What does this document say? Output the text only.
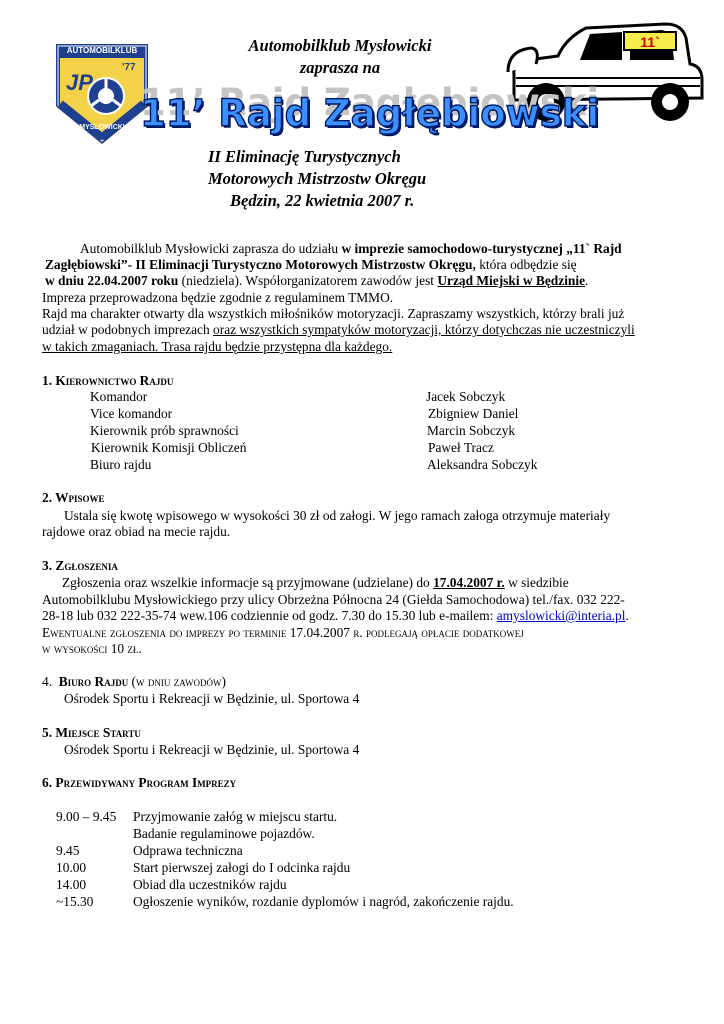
AUTOMOBILKLUB
JP
'77
MYSŁOWICKI
11`
Automobilklub Mysłowicki
zaprasza na
11’ Rajd Zagłębiowski
II Eliminację Turystycznych
Motorowych Mistrzostw Okręgu
Będzin, 22 kwietnia 2007 r.
Automobilklub Mysłowicki zaprasza do udziału w imprezie samochodowo-turystycznej „11` Rajd
Zagłębiowski”- II Eliminacji Turystyczno Motorowych Mistrzostw Okręgu, która odbędzie się
w dniu 22.04.2007 roku (niedziela). Współorganizatorem zawodów jest Urząd Miejski w Będzinie.
Impreza przeprowadzona będzie zgodnie z regulaminem TMMO.
Rajd ma charakter otwarty dla wszystkich miłośników motoryzacji. Zapraszamy wszystkich, którzy brali już
udział w podobnych imprezach oraz wszystkich sympatyków motoryzacji, którzy dotychczas nie uczestniczyli
w takich zmaganiach. Trasa rajdu będzie przystępna dla każdego.
1. Kierownictwo Rajdu
Komandor	Jacek Sobczyk
Vice komandor	Zbigniew Daniel
Kierownik prób sprawności	Marcin Sobczyk
Kierownik Komisji Obliczeń	Paweł Tracz
Biuro rajdu	Aleksandra Sobczyk
2. Wpisowe
Ustala się kwotę wpisowego w wysokości 30 zł od załogi. W jego ramach załoga otrzymuje materiały
rajdowe oraz obiad na mecie rajdu.
3. Zgłoszenia
Zgłoszenia oraz wszelkie informacje są przyjmowane (udzielane) do 17.04.2007 r. w siedzibie
Automobilklubu Mysłowickiego przy ulicy Obrzeżna Północna 24 (Giełda Samochodowa) tel./fax. 032 222-
28-18 lub 032 222-35-74 wew.106 codziennie od godz. 7.30 do 15.30 lub e-mailem: amyslowicki@interia.pl.
Ewentualne zgłoszenia do imprezy po terminie 17.04.2007 r. podlegają opłacie dodatkowej
w wysokości 10 zł.
4.  Biuro Rajdu (w dniu zawodów)
Ośrodek Sportu i Rekreacji w Będzinie, ul. Sportowa 4
5. Miejsce Startu
Ośrodek Sportu i Rekreacji w Będzinie, ul. Sportowa 4
6. Przewidywany Program Imprezy
9.00 – 9.45 Przyjmowanie załóg w miejscu startu.
Badanie regulaminowe pojazdów.
9.45	Odprawa techniczna
10.00	Start pierwszej załogi do I odcinka rajdu
14.00	Obiad dla uczestników rajdu
~15.30	Ogłoszenie wyników, rozdanie dyplomów i nagród, zakończenie rajdu.
